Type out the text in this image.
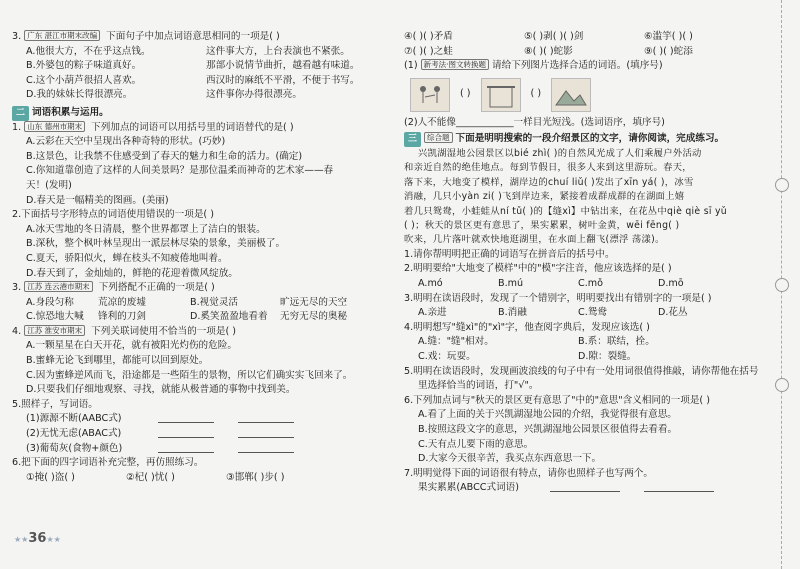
3. 广东 湛江市期末改编 下面句子中加点词语意思相同的一项是( )
A.他很大方，不在乎这点钱。	这件事大方，上台表演也不紧张。
B.外婆包的粽子味道真好。	那部小说情节曲折，越看越有味道。
C.这个小葫芦很招人喜欢。	西汉时的麻纸不平滑，不便于书写。
D.我的妹妹长得很漂亮。	这件事你办得很漂亮。
二 词语积累与运用。
1. 山东 德州市期末 下列加点的词语可以用括号里的词语替代的是( )
A.云彩在天空中呈现出各种奇特的形状。(巧妙)
B.这景色，让我禁不住感受到了春天的魅力和生命的活力。(确定)
C.你知道靠创造了这样的人间美景吗？是那位温柔而神奇的艺术家——春
天！(发明)
D.春天是一幅精美的图画。(美丽)
2.下面括号字形特点的词语使用错误的一项是( )
A.冰天雪地的冬日清晨，整个世界都罩上了洁白的银装。
B.深秋，整个枫叶林呈现出一派层林尽染的景象，美丽极了。
C.夏天，骄阳似火，蝉在枝头不知疲倦地叫着。
D.春天到了，金灿灿的，鲜艳的花迎着微风绽放。
3. 江苏 连云港市期末 下列搭配不正确的一项是( )
A.身段匀称	荒凉的废墟	B.视觉灵活	旷远无尽的天空
C.惊恐地大喊 锋利的刀剑	D.奚笑盈盈地看着 无穷无尽的奥秘
4. 江苏 淮安市期末 下列关联词使用不恰当的一项是( )
A.一颗星星在白天开花，就有被阳光灼伤的危险。
B.蜜蜂无论飞到哪里，都能可以回到原处。
C.因为蜜蜂逆风而飞，沿途都是一些陌生的景物，所以它们确实实飞回来了。
D.只要我们仔细地观察、寻找，就能从极普通的事物中找到美。
5.照样子，写词语。
(1)源源不断(AABC式)
(2)无忧无虑(ABAC式)
(3)葡萄灰(食物+颜色)
6.把下面的四字词语补充完整，再仿照练习。
①掩( )盗( )	②杞( )忧( )	③邯郸( )步( )
★★36★★
④( )( )矛盾	⑤( )剥( )( )剑	⑥滥竽( )( )
⑦( )( )之蛙	⑧( )( )蛇影	⑨( )( )蛇添
(1) 新考法·图文转换题 请给下列图片选择合适的词语。(填序号)
( )	( )
(2)人不能像____________一样目光短浅。(选词语序，填序号)
三 综合题 下面是明明搜索的一段介绍景区的文字，请你阅读，完成练习。
兴凯湖湿地公园景区以bié zhì( )的自然风光成了人们乘履户外活动
和亲近自然的绝佳地点。每到节假日，很多人来到这里游玩。春天，
落下来，大地变了模样，湖岸边的chuí liǔ( )发出了xīn yá( )，冰雪
消融，几只小yàn zi( )飞到岸边来，紧接着成群成群的在湖面上嬉
着几只鸳鸯，小蛙蛙从ní tǔ( )的【缝xì】中钻出来，在花丛中qiè qiè sī yǔ
( )；秋天的景区更有意思了，果实累累，树叶金黄，wēi fēng( )
吹来，几片落叶就欢快地逛湖里，在水面上翻飞(漂浮 荡漾)。
1.请你帮明明把正确的词语写在拼音后的括号中。
2.明明要给"大地变了模样"中的"模"字注音，他应该选择的是( )
A.mó	B.mú	C.mǒ	D.mō
3.明明在读语段时，发现了一个错别字，明明要找出有错别字的一项是( )
A.亲进	B.消融	C.鸳鸯	D.花丛
4.明明想写"缝xì"的"xì"字，他查阅字典后，发现应该选( )
A.缝："缝"相对。	B.系：联结，拴。
C.戏：玩耍。	D.隙：裂缝。
5.明明在读语段时，发现画波浪线的句子中有一处用词很值得推敲，请你帮他在括号
里选择恰当的词语，打"√"。
6.下列加点词与"秋天的景区更有意思了"中的"意思"含义相同的一项是( )
A.看了上面的关于兴凯湖湿地公园的介绍，我觉得很有意思。
B.按照这段文字的意思，兴凯湖湿地公园景区很值得去看看。
C.天有点儿要下雨的意思。
D.大家今天很辛苦，我买点东西意思一下。
7.明明觉得下面的词语很有特点，请你也照样子也写两个。
果实累累(ABCC式词语)
